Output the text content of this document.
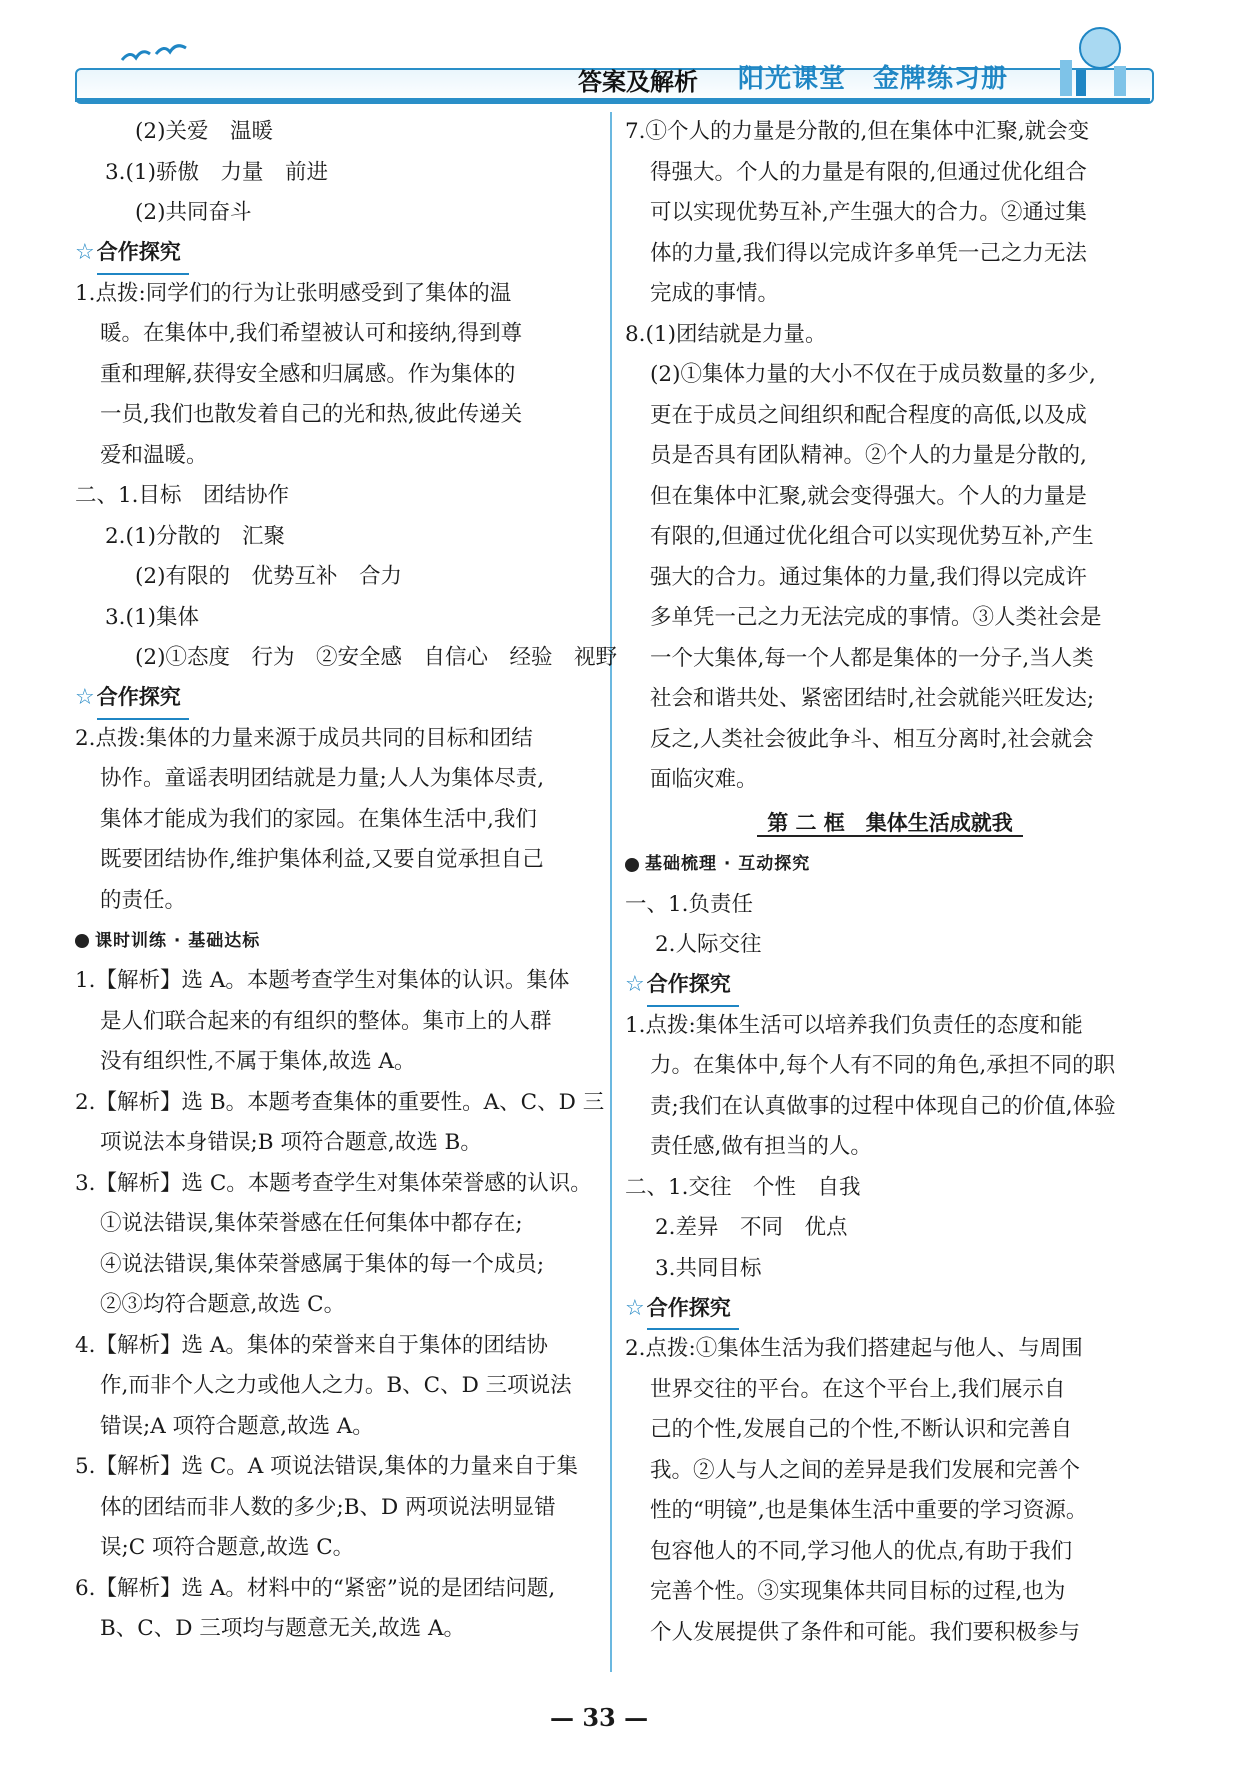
答案及解析 阳光课堂　金牌练习册
(2)关爱　温暖
3.(1)骄傲　力量　前进
(2)共同奋斗
☆ 合作探究
1.点拨:同学们的行为让张明感受到了集体的温
暖。在集体中,我们希望被认可和接纳,得到尊
重和理解,获得安全感和归属感。作为集体的
一员,我们也散发着自己的光和热,彼此传递关
爱和温暖。
二、1.目标　团结协作
2.(1)分散的　汇聚
(2)有限的　优势互补　合力
3.(1)集体
(2)①态度　行为　②安全感　自信心　经验　视野
☆ 合作探究
2.点拨:集体的力量来源于成员共同的目标和团结
协作。童谣表明团结就是力量;人人为集体尽责,
集体才能成为我们的家园。在集体生活中,我们
既要团结协作,维护集体利益,又要自觉承担自己
的责任。
课时训练 · 基础达标
1.【解析】选 A。本题考查学生对集体的认识。集体
是人们联合起来的有组织的整体。集市上的人群
没有组织性,不属于集体,故选 A。
2.【解析】选 B。本题考查集体的重要性。A、C、D 三
项说法本身错误;B 项符合题意,故选 B。
3.【解析】选 C。本题考查学生对集体荣誉感的认识。
①说法错误,集体荣誉感在任何集体中都存在;
④说法错误,集体荣誉感属于集体的每一个成员;
②③均符合题意,故选 C。
4.【解析】选 A。集体的荣誉来自于集体的团结协
作,而非个人之力或他人之力。B、C、D 三项说法
错误;A 项符合题意,故选 A。
5.【解析】选 C。A 项说法错误,集体的力量来自于集
体的团结而非人数的多少;B、D 两项说法明显错
误;C 项符合题意,故选 C。
6.【解析】选 A。材料中的“紧密”说的是团结问题,
B、C、D 三项均与题意无关,故选 A。
7.①个人的力量是分散的,但在集体中汇聚,就会变
得强大。个人的力量是有限的,但通过优化组合
可以实现优势互补,产生强大的合力。②通过集
体的力量,我们得以完成许多单凭一己之力无法
完成的事情。
8.(1)团结就是力量。
(2)①集体力量的大小不仅在于成员数量的多少,
更在于成员之间组织和配合程度的高低,以及成
员是否具有团队精神。②个人的力量是分散的,
但在集体中汇聚,就会变得强大。个人的力量是
有限的,但通过优化组合可以实现优势互补,产生
强大的合力。通过集体的力量,我们得以完成许
多单凭一己之力无法完成的事情。③人类社会是
一个大集体,每一个人都是集体的一分子,当人类
社会和谐共处、紧密团结时,社会就能兴旺发达;
反之,人类社会彼此争斗、相互分离时,社会就会
面临灾难。
第 二 框　集体生活成就我
基础梳理 · 互动探究
一、1.负责任
2.人际交往
☆ 合作探究
1.点拨:集体生活可以培养我们负责任的态度和能
力。在集体中,每个人有不同的角色,承担不同的职
责;我们在认真做事的过程中体现自己的价值,体验
责任感,做有担当的人。
二、1.交往　个性　自我
2.差异　不同　优点
3.共同目标
☆ 合作探究
2.点拨:①集体生活为我们搭建起与他人、与周围
世界交往的平台。在这个平台上,我们展示自
己的个性,发展自己的个性,不断认识和完善自
我。②人与人之间的差异是我们发展和完善个
性的“明镜”,也是集体生活中重要的学习资源。
包容他人的不同,学习他人的优点,有助于我们
完善个性。③实现集体共同目标的过程,也为
个人发展提供了条件和可能。我们要积极参与
— 33 —
